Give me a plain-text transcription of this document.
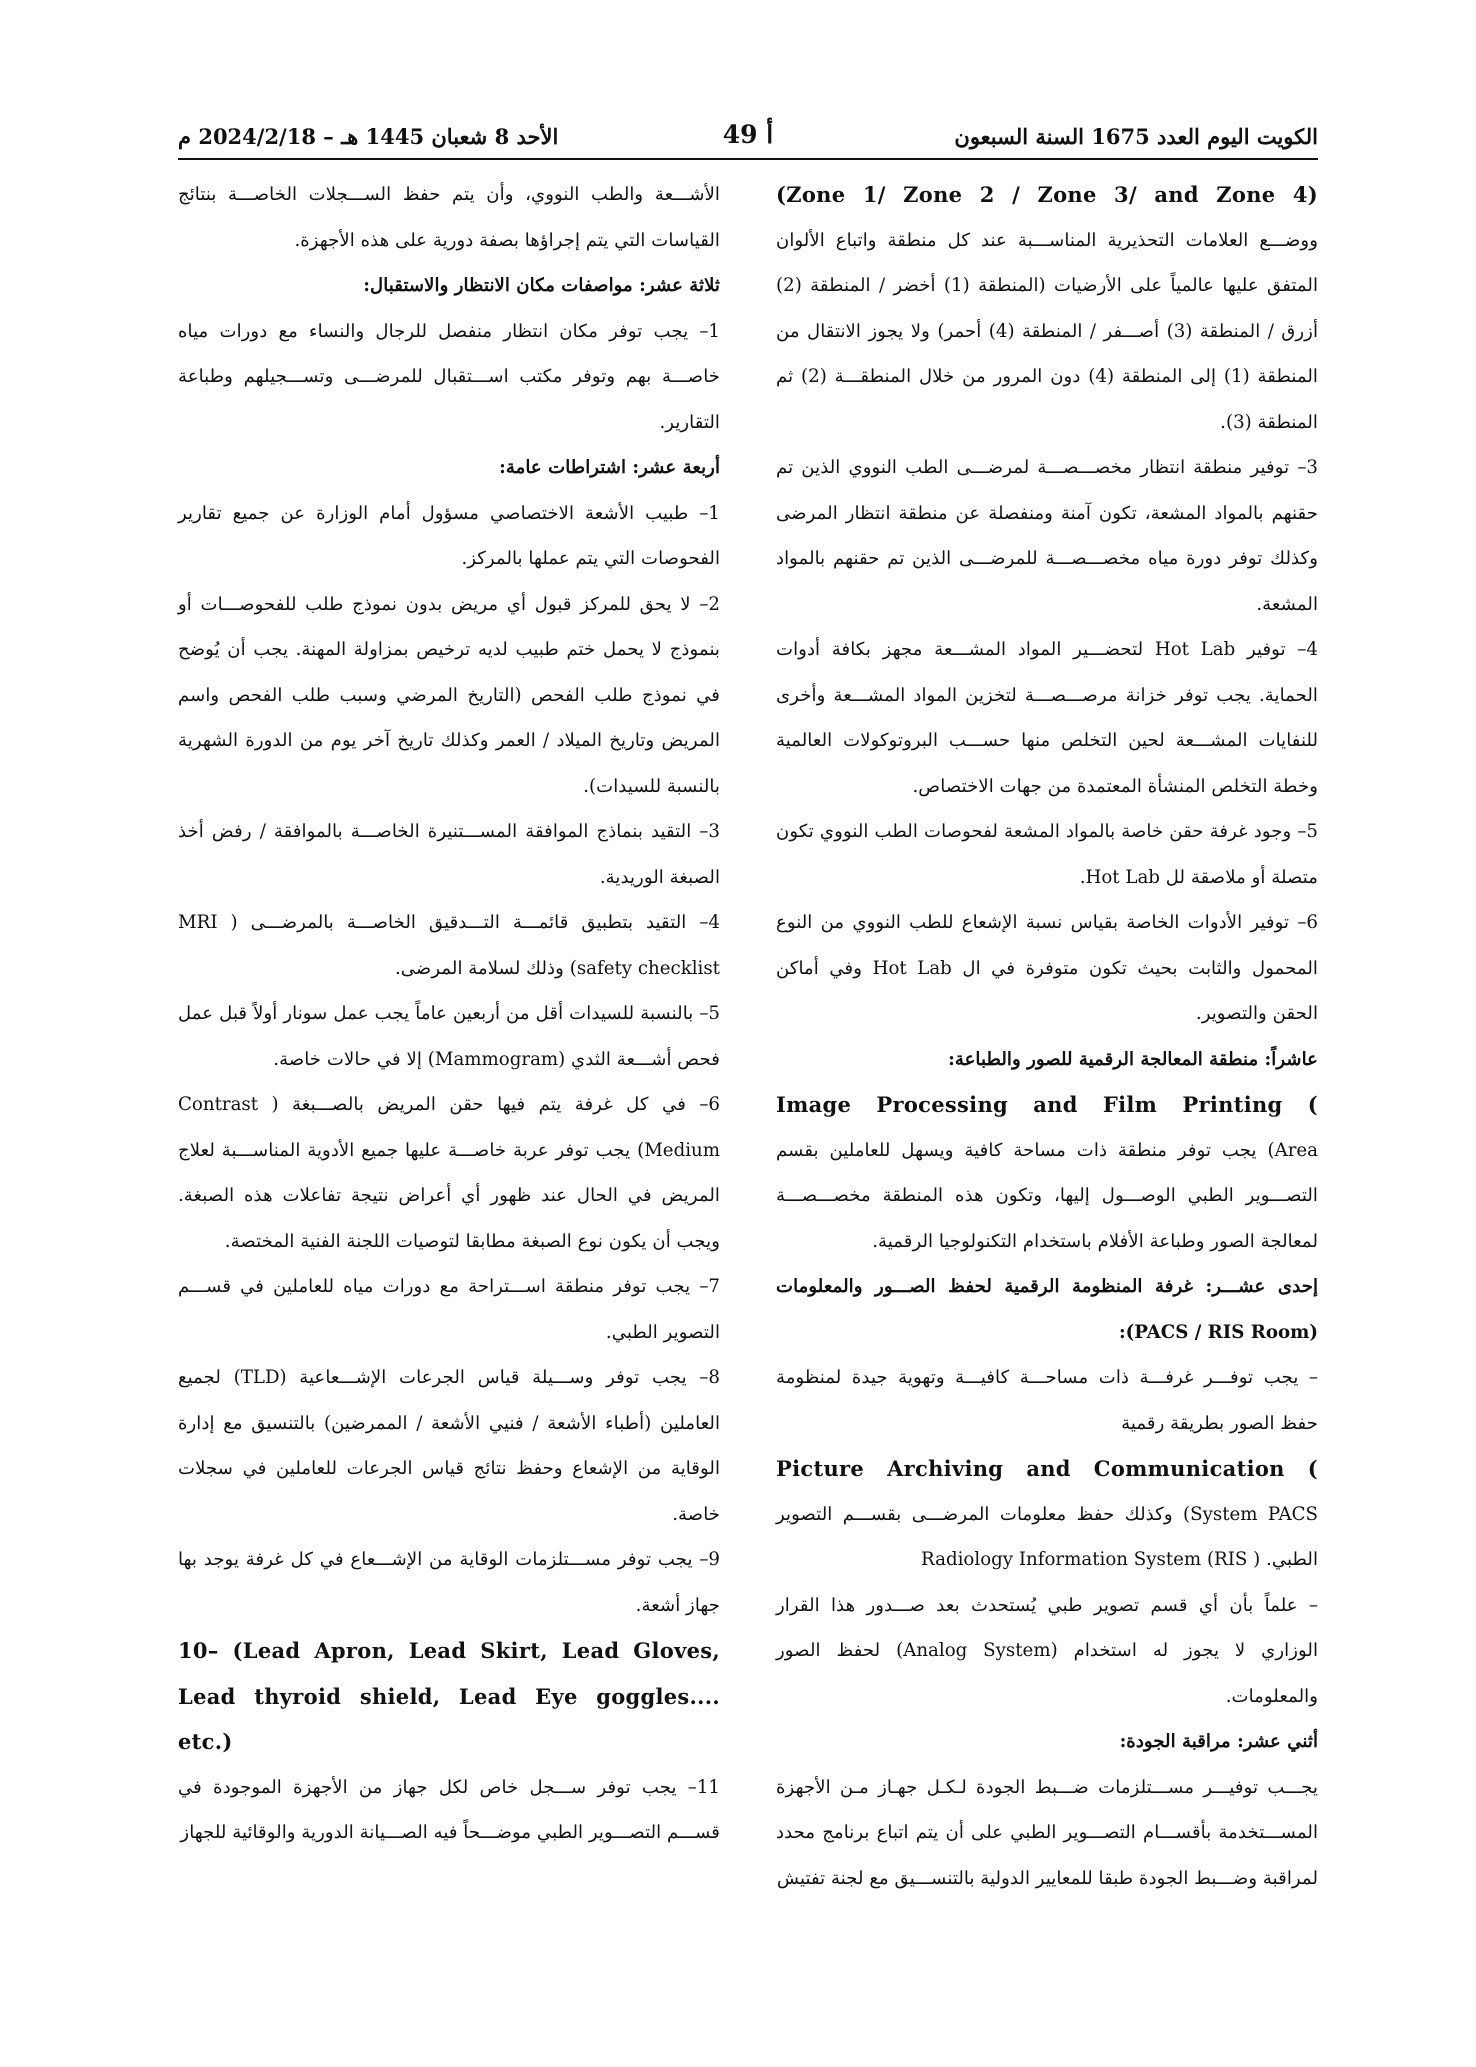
الكويت اليوم العدد 1675 السنة السبعون
أ 49
الأحد 8 شعبان 1445 هـ – 2024/2/18 م

(Zone 1/ Zone 2 / Zone 3/ and Zone 4)

ووضـــع العلامات التحذيرية المناســـبة عند كل منطقة واتباع الألوان المتفق عليها عالمياً على الأرضيات (المنطقة (1) أخضر / المنطقة (2) أزرق / المنطقة (3) أصـــفر / المنطقة (4) أحمر) ولا يجوز الانتقال من المنطقة (1) إلى المنطقة (4) دون المرور من خلال المنطقـــة (2) ثم المنطقة (3).

3– توفير منطقة انتظار مخصـــصـــة لمرضـــى الطب النووي الذين تم حقنهم بالمواد المشعة، تكون آمنة ومنفصلة عن منطقة انتظار المرضى وكذلك توفر دورة مياه مخصـــصـــة للمرضـــى الذين تم حقنهم بالمواد المشعة.

4– توفير Hot Lab لتحضـــير المواد المشـــعة مجهز بكافة أدوات الحماية. يجب توفر خزانة مرصـــصـــة لتخزين المواد المشـــعة وأخرى للنفايات المشـــعة لحين التخلص منها حســـب البروتوكولات العالمية وخطة التخلص المنشأة المعتمدة من جهات الاختصاص.

5– وجود غرفة حقن خاصة بالمواد المشعة لفحوصات الطب النووي تكون متصلة أو ملاصقة لل Hot Lab.

6– توفير الأدوات الخاصة بقياس نسبة الإشعاع للطب النووي من النوع المحمول والثابت بحيث تكون متوفرة في ال Hot Lab وفي أماكن الحقن والتصوير.

عاشراً: منطقة المعالجة الرقمية للصور والطباعة:

Image Processing and Film Printing (

Area) يجب توفر منطقة ذات مساحة كافية ويسهل للعاملين بقسم التصـــوير الطبي الوصـــول إليها، وتكون هذه المنطقة مخصـــصـــة لمعالجة الصور وطباعة الأفلام باستخدام التكنولوجيا الرقمية.

إحدى عشـــر: غرفة المنظومة الرقمية لحفظ الصـــور والمعلومات (PACS / RIS Room):

– يجب توفـــر غرفـــة ذات مساحـــة كافيـــة وتهوية جيدة لمنظومة حفظ الصور بطريقة رقمية

Picture Archiving and Communication (

System PACS) وكذلك حفظ معلومات المرضـــى بقســـم التصوير الطبي. ( Radiology Information System (RIS

– علماً بأن أي قسم تصوير طبي يُستحدث بعد صـــدور هذا القرار الوزاري لا يجوز له استخدام (Analog System) لحفظ الصور والمعلومات.

أثني عشر: مراقبة الجودة:

يجـــب توفيـــر مســـتلزمات ضـــبط الجودة لـكـل جهـاز مـن الأجهزة المســـتخدمة بأقســـام التصـــوير الطبي على أن يتم اتباع برنامج محدد لمراقبة وضـــبط الجودة طبقا للمعايير الدولية بالتنســـيق مع لجنة تفتيش

الأشـــعة والطب النووي، وأن يتم حفظ الســـجلات الخاصـــة بنتائج القياسات التي يتم إجراؤها بصفة دورية على هذه الأجهزة.

ثلاثة عشر: مواصفات مكان الانتظار والاستقبال:

1– يجب توفر مكان انتظار منفصل للرجال والنساء مع دورات مياه خاصـــة بهم وتوفر مكتب اســـتقبال للمرضـــى وتســـجيلهم وطباعة التقارير.

أربعة عشر: اشتراطات عامة:

1– طبيب الأشعة الاختصاصي مسؤول أمام الوزارة عن جميع تقارير الفحوصات التي يتم عملها بالمركز.

2– لا يحق للمركز قبول أي مريض بدون نموذج طلب للفحوصـــات أو بنموذج لا يحمل ختم طبيب لديه ترخيص بمزاولة المهنة. يجب أن يُوضح في نموذج طلب الفحص (التاريخ المرضي وسبب طلب الفحص واسم المريض وتاريخ الميلاد / العمر وكذلك تاريخ آخر يوم من الدورة الشهرية بالنسبة للسيدات).

3– التقيد بنماذج الموافقة المســـتنيرة الخاصـــة بالموافقة / رفض أخذ الصبغة الوريدية.

4– التقيد بتطبيق قائمـــة التـــدقيق الخاصـــة بالمرضـــى ( MRI safety checklist) وذلك لسلامة المرضى.

5– بالنسبة للسيدات أقل من أربعين عاماً يجب عمل سونار أولاً قبل عمل فحص أشـــعة الثدي (Mammogram) إلا في حالات خاصة.

6– في كل غرفة يتم فيها حقن المريض بالصـــبغة ( Contrast Medium) يجب توفر عربة خاصـــة عليها جميع الأدوية المناســـبة لعلاج المريض في الحال عند ظهور أي أعراض نتيجة تفاعلات هذه الصبغة. ويجب أن يكون نوع الصبغة مطابقا لتوصيات اللجنة الفنية المختصة.

7– يجب توفر منطقة اســـتراحة مع دورات مياه للعاملين في قســـم التصوير الطبي.

8– يجب توفر وســـيلة قياس الجرعات الإشـــعاعية (TLD) لجميع العاملين (أطباء الأشعة / فنيي الأشعة / الممرضين) بالتنسيق مع إدارة الوقاية من الإشعاع وحفظ نتائج قياس الجرعات للعاملين في سجلات خاصة.

9– يجب توفر مســـتلزمات الوقاية من الإشـــعاع في كل غرفة يوجد بها جهاز أشعة.

10– (Lead Apron, Lead Skirt, Lead Gloves, Lead thyroid shield, Lead Eye goggles.... etc.)

11– يجب توفر ســـجل خاص لكل جهاز من الأجهزة الموجودة في قســـم التصـــوير الطبي موضـــحاً فيه الصـــيانة الدورية والوقائية للجهاز
